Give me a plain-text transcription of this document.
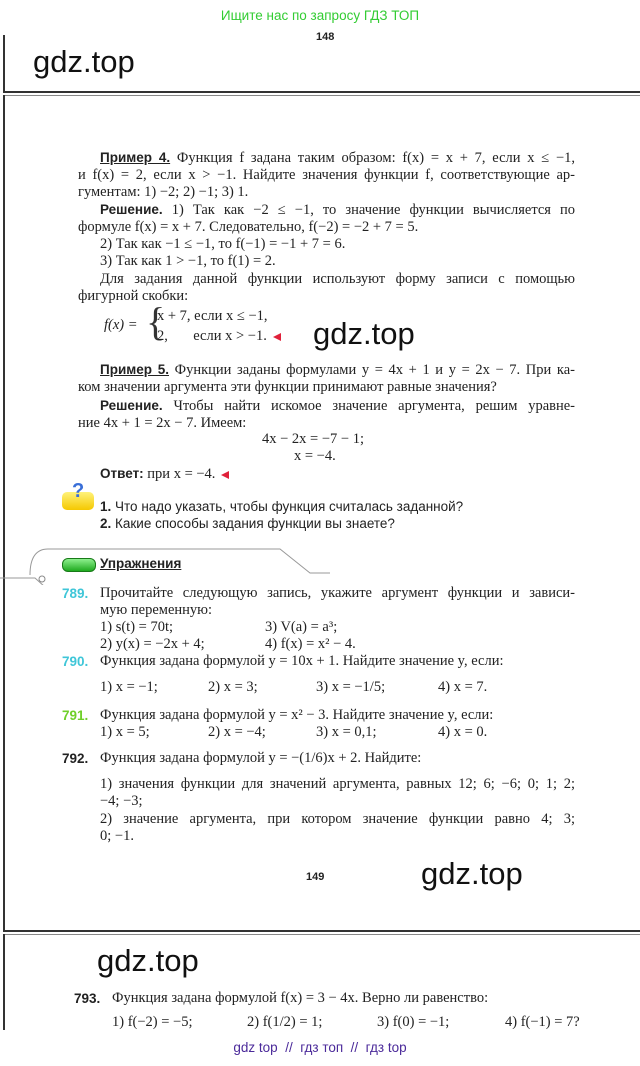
Ищите нас по запросу ГДЗ ТОП
148
gdz.top
Пример 4. Функция f задана таким образом: f(x) = x + 7, если x ≤ −1,
и f(x) = 2, если x > −1. Найдите значения функции f, соответствующие ар-
гументам: 1) −2; 2) −1; 3) 1.
Решение. 1) Так как −2 ≤ −1, то значение функции вычисляется по
формуле f(x) = x + 7. Следовательно, f(−2) = −2 + 7 = 5.
2) Так как −1 ≤ −1, то f(−1) = −1 + 7 = 6.
3) Так как 1 > −1, то f(1) = 2.
Для задания данной функции используют форму записи с помощью
фигурной скобки:
f(x) = {
x + 7, если x ≤ −1,
2,       если x > −1.	gdz.top
Пример 5. Функции заданы формулами y = 4x + 1 и y = 2x − 7. При ка-
ком значении аргумента эти функции принимают равные значения?
Решение. Чтобы найти искомое значение аргумента, решим уравне-
ние 4x + 1 = 2x − 7. Имеем:
4x − 2x = −7 − 1;
x = −4.
Ответ: при x = −4.
?
1. Что надо указать, чтобы функция считалась заданной?
2. Какие способы задания функции вы знаете?
Упражнения
789. Прочитайте следующую запись, укажите аргумент функции и зависи-
мую переменную:
1) s(t) = 70t;	3) V(a) = a³;
2) y(x) = −2x + 4;	4) f(x) = x² − 4.
790. Функция задана формулой y = 10x + 1. Найдите значение y, если:
1) x = −1;	2) x = 3;	3) x = −1/5;	4) x = 7.
791. Функция задана формулой y = x² − 3. Найдите значение y, если:
1) x = 5;	2) x = −4;	3) x = 0,1;	4) x = 0.
792. Функция задана формулой y = −(1/6)x + 2. Найдите:
1) значения функции для значений аргумента, равных 12; 6; −6; 0; 1; 2;
−4; −3;
2) значение аргумента, при котором значение функции равно 4; 3;
0; −1.
149	gdz.top
gdz.top
793. Функция задана формулой f(x) = 3 − 4x. Верно ли равенство:
1) f(−2) = −5;	2) f(1/2) = 1;	3) f(0) = −1;	4) f(−1) = 7?
gdz top  //  гдз топ  //  гдз top
